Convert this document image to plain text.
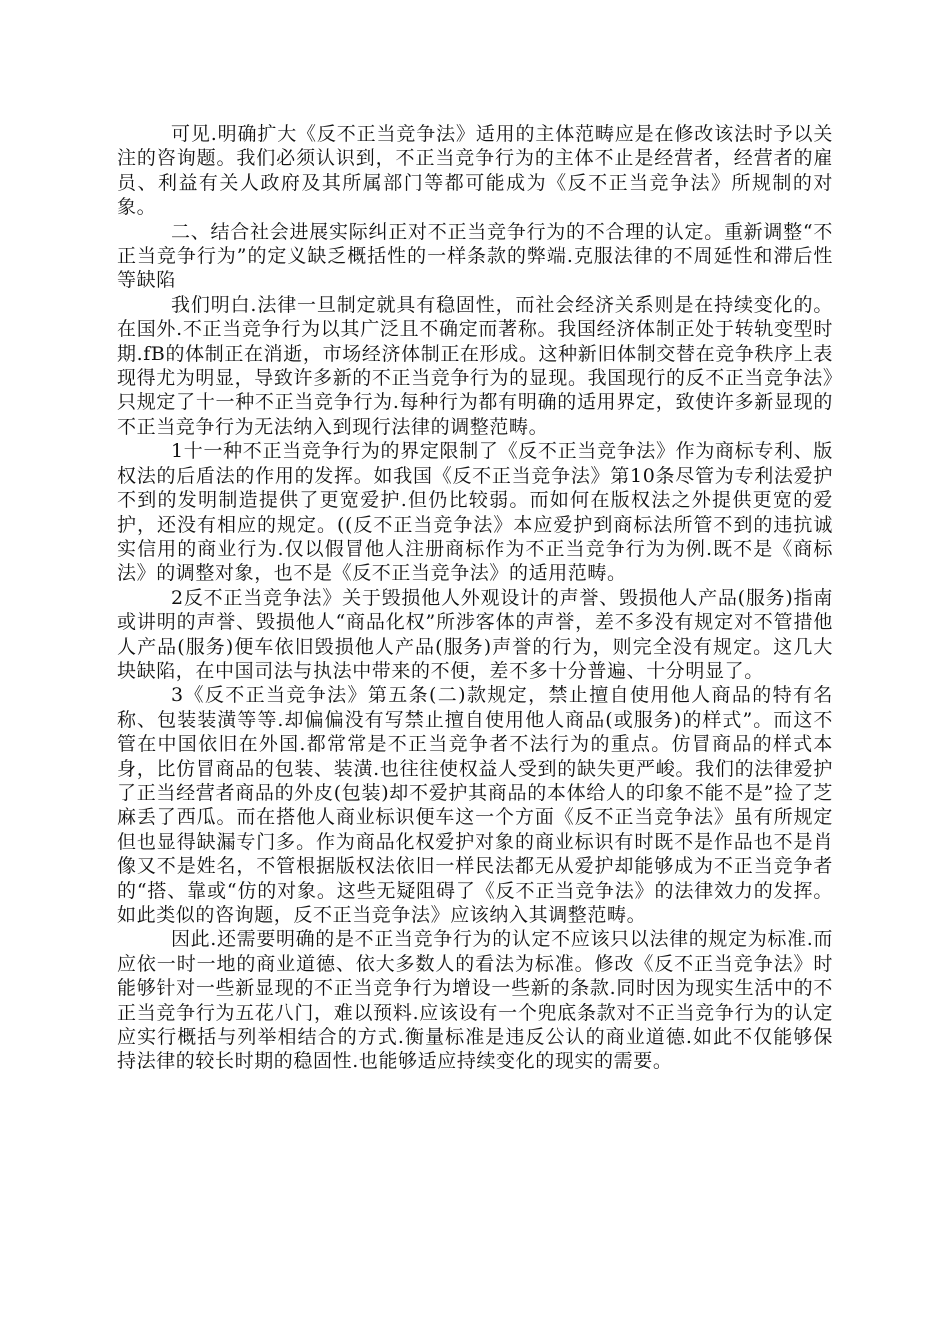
可见.明确扩大《反不正当竞争法》适用的主体范畴应是在修改该法时予以关注的咨询题。我们必须认识到，不正当竞争行为的主体不止是经营者，经营者的雇员、利益有关人政府及其所属部门等都可能成为《反不正当竞争法》所规制的对象。

二、结合社会进展实际纠正对不正当竞争行为的不合理的认定。重新调整“不正当竞争行为”的定义缺乏概括性的一样条款的弊端.克服法律的不周延性和滞后性等缺陷

我们明白.法律一旦制定就具有稳固性，而社会经济关系则是在持续变化的。在国外.不正当竞争行为以其广泛且不确定而著称。我国经济体制正处于转轨变型时期.fB的体制正在消逝，市场经济体制正在形成。这种新旧体制交替在竞争秩序上表现得尤为明显，导致许多新的不正当竞争行为的显现。我国现行的反不正当竞争法》只规定了十一种不正当竞争行为.每种行为都有明确的适用界定，致使许多新显现的不正当竞争行为无法纳入到现行法律的调整范畴。

1十一种不正当竞争行为的界定限制了《反不正当竞争法》作为商标专利、版权法的后盾法的作用的发挥。如我国《反不正当竞争法》第10条尽管为专利法爱护不到的发明制造提供了更宽爱护.但仍比较弱。而如何在版权法之外提供更宽的爱护，还没有相应的规定。((反不正当竞争法》本应爱护到商标法所管不到的违抗诚实信用的商业行为.仅以假冒他人注册商标作为不正当竞争行为为例.既不是《商标法》的调整对象，也不是《反不正当竞争法》的适用范畴。

2反不正当竞争法》关于毁损他人外观设计的声誉、毁损他人产品(服务)指南或讲明的声誉、毁损他人“商品化权”所涉客体的声誉，差不多没有规定对不管措他人产品(服务)便车依旧毁损他人产品(服务)声誉的行为，则完全没有规定。这几大块缺陷，在中国司法与执法中带来的不便，差不多十分普遍、十分明显了。

3《反不正当竞争法》第五条(二)款规定，禁止擅自使用他人商品的特有名称、包装装潢等等.却偏偏没有写禁止擅自使用他人商品(或服务)的样式”。而这不管在中国依旧在外国.都常常是不正当竞争者不法行为的重点。仿冒商品的样式本身，比仿冒商品的包装、装潢.也往往使权益人受到的缺失更严峻。我们的法律爱护了正当经营者商品的外皮(包装)却不爱护其商品的本体给人的印象不能不是”捡了芝麻丢了西瓜。而在搭他人商业标识便车这一个方面《反不正当竞争法》虽有所规定但也显得缺漏专门多。作为商品化权爱护对象的商业标识有时既不是作品也不是肖像又不是姓名，不管根据版权法依旧一样民法都无从爱护却能够成为不正当竞争者的“搭、靠或“仿的对象。这些无疑阻碍了《反不正当竞争法》的法律效力的发挥。如此类似的咨询题，反不正当竞争法》应该纳入其调整范畴。

因此.还需要明确的是不正当竞争行为的认定不应该只以法律的规定为标准.而应依一时一地的商业道德、依大多数人的看法为标准。修改《反不正当竞争法》时能够针对一些新显现的不正当竞争行为增设一些新的条款.同时因为现实生活中的不正当竞争行为五花八门，难以预料.应该设有一个兜底条款对不正当竞争行为的认定应实行概括与列举相结合的方式.衡量标准是违反公认的商业道德.如此不仅能够保持法律的较长时期的稳固性.也能够适应持续变化的现实的需要。
